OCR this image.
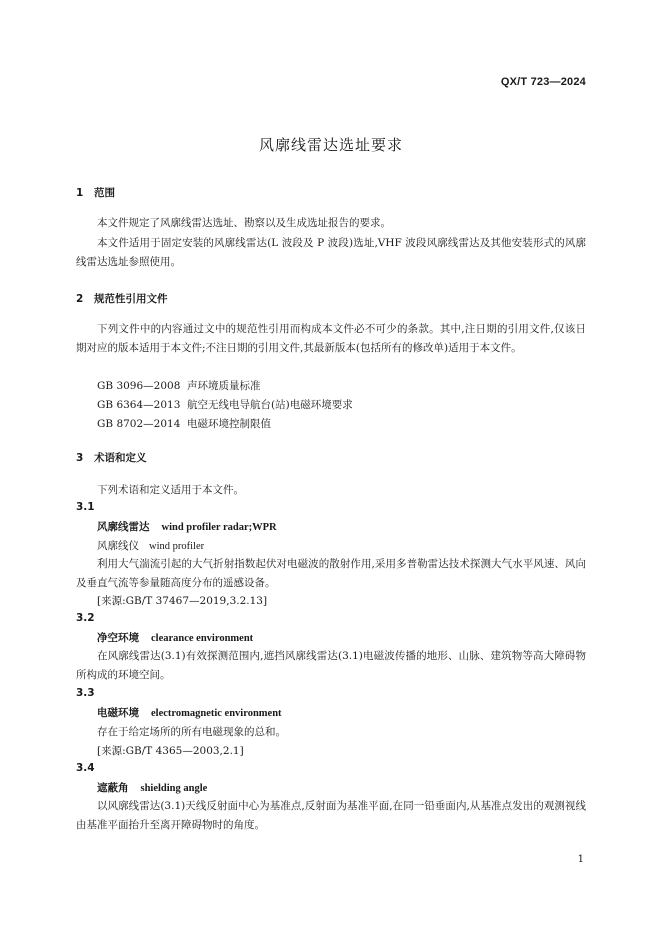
QX/T 723—2024
风廓线雷达选址要求
1 范围
本文件规定了风廓线雷达选址、勘察以及生成选址报告的要求。
本文件适用于固定安装的风廓线雷达(L 波段及 P 波段)选址,VHF 波段风廓线雷达及其他安装形式的风廓线雷达选址参照使用。
2 规范性引用文件
下列文件中的内容通过文中的规范性引用而构成本文件必不可少的条款。其中,注日期的引用文件,仅该日期对应的版本适用于本文件;不注日期的引用文件,其最新版本(包括所有的修改单)适用于本文件。
GB 3096—2008 声环境质量标准
GB 6364—2013 航空无线电导航台(站)电磁环境要求
GB 8702—2014 电磁环境控制限值
3 术语和定义
下列术语和定义适用于本文件。
3.1
风廓线雷达 wind profiler radar;WPR
风廓线仪 wind profiler
利用大气湍流引起的大气折射指数起伏对电磁波的散射作用,采用多普勒雷达技术探测大气水平风速、风向及垂直气流等参量随高度分布的遥感设备。
[来源:GB/T 37467—2019,3.2.13]
3.2
净空环境 clearance environment
在风廓线雷达(3.1)有效探测范围内,遮挡风廓线雷达(3.1)电磁波传播的地形、山脉、建筑物等高大障碍物所构成的环境空间。
3.3
电磁环境 electromagnetic environment
存在于给定场所的所有电磁现象的总和。
[来源:GB/T 4365—2003,2.1]
3.4
遮蔽角 shielding angle
以风廓线雷达(3.1)天线反射面中心为基准点,反射面为基准平面,在同一铅垂面内,从基准点发出的观测视线由基准平面抬升至离开障碍物时的角度。
1
